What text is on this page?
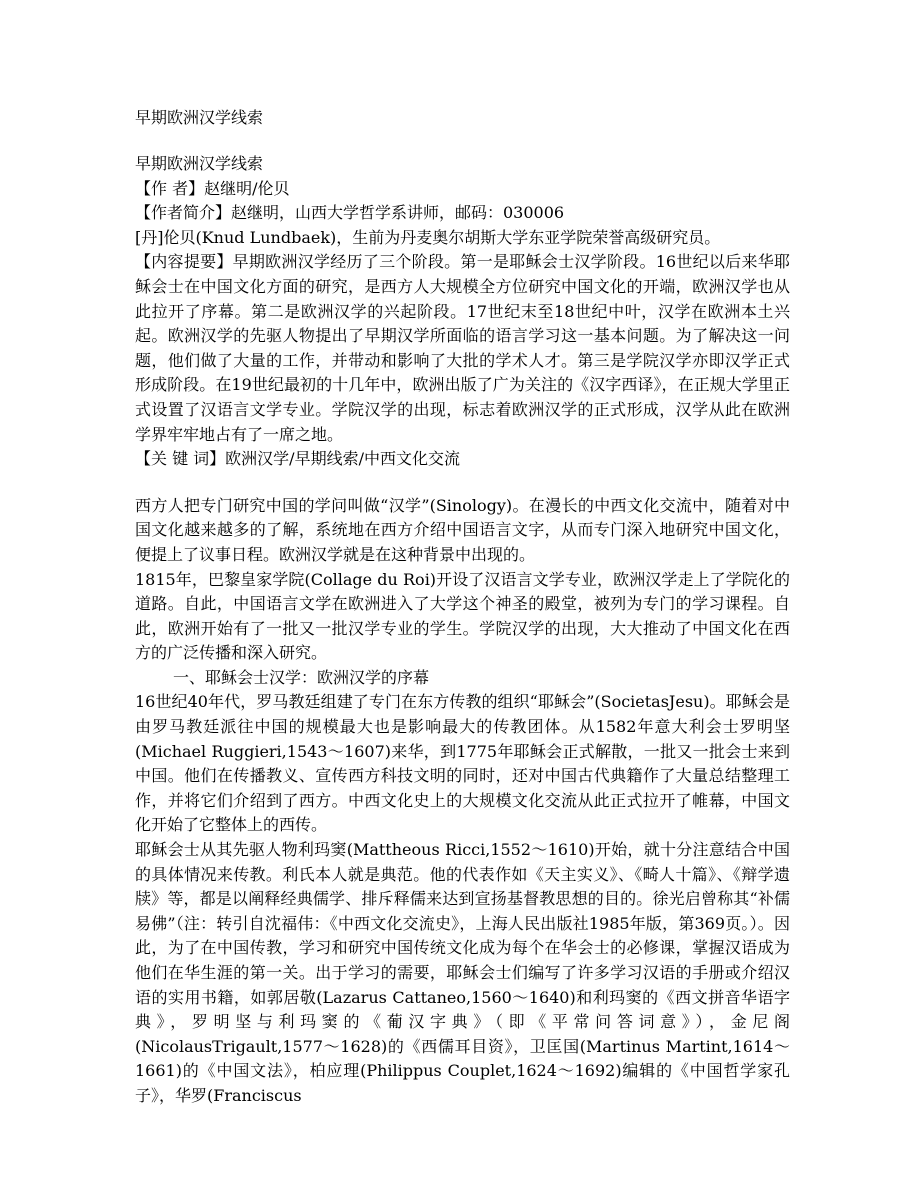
早期欧洲汉学线索
早期欧洲汉学线索
【作 者】赵继明/伦贝
【作者简介】赵继明，山西大学哲学系讲师，邮码：030006
[丹]伦贝(Knud Lundbaek)，生前为丹麦奥尔胡斯大学东亚学院荣誉高级研究员。
【内容提要】早期欧洲汉学经历了三个阶段。第一是耶稣会士汉学阶段。16世纪以后来华耶稣会士在中国文化方面的研究，是西方人大规模全方位研究中国文化的开端，欧洲汉学也从此拉开了序幕。第二是欧洲汉学的兴起阶段。17世纪末至18世纪中叶，汉学在欧洲本土兴起。欧洲汉学的先驱人物提出了早期汉学所面临的语言学习这一基本问题。为了解决这一问题，他们做了大量的工作，并带动和影响了大批的学术人才。第三是学院汉学亦即汉学正式形成阶段。在19世纪最初的十几年中，欧洲出版了广为关注的《汉字西译》，在正规大学里正式设置了汉语言文学专业。学院汉学的出现，标志着欧洲汉学的正式形成，汉学从此在欧洲学界牢牢地占有了一席之地。
【关 键 词】欧洲汉学/早期线索/中西文化交流
西方人把专门研究中国的学问叫做“汉学”(Sinology)。在漫长的中西文化交流中，随着对中国文化越来越多的了解，系统地在西方介绍中国语言文字，从而专门深入地研究中国文化，便提上了议事日程。欧洲汉学就是在这种背景中出现的。
1815年，巴黎皇家学院(Collage du Roi)开设了汉语言文学专业，欧洲汉学走上了学院化的道路。自此，中国语言文学在欧洲进入了大学这个神圣的殿堂，被列为专门的学习课程。自此，欧洲开始有了一批又一批汉学专业的学生。学院汉学的出现，大大推动了中国文化在西方的广泛传播和深入研究。
一、耶稣会士汉学：欧洲汉学的序幕
16世纪40年代，罗马教廷组建了专门在东方传教的组织“耶稣会”(SocietasJesu)。耶稣会是由罗马教廷派往中国的规模最大也是影响最大的传教团体。从1582年意大利会士罗明坚(Michael Ruggieri,1543～1607)来华，到1775年耶稣会正式解散，一批又一批会士来到中国。他们在传播教义、宣传西方科技文明的同时，还对中国古代典籍作了大量总结整理工作，并将它们介绍到了西方。中西文化史上的大规模文化交流从此正式拉开了帷幕，中国文化开始了它整体上的西传。
耶稣会士从其先驱人物利玛窦(Mattheous Ricci,1552～1610)开始，就十分注意结合中国的具体情况来传教。利氏本人就是典范。他的代表作如《天主实义》、《畸人十篇》、《辩学遗牍》等，都是以阐释经典儒学、排斥释儒来达到宣扬基督教思想的目的。徐光启曾称其“补儒易佛”（注：转引自沈福伟：《中西文化交流史》，上海人民出版社1985年版，第369页。）。因此，为了在中国传教，学习和研究中国传统文化成为每个在华会士的必修课，掌握汉语成为他们在华生涯的第一关。出于学习的需要，耶稣会士们编写了许多学习汉语的手册或介绍汉语的实用书籍，如郭居敬(Lazarus Cattaneo,1560～1640)和利玛窦的《西文拼音华语字典》，罗明坚与利玛窦的《葡汉字典》（即《平常问答词意》），金尼阁(NicolausTrigault,1577～1628)的《西儒耳目资》，卫匡国(Martinus Martint,1614～1661)的《中国文法》，柏应理(Philippus Couplet,1624～1692)编辑的《中国哲学家孔子》，华罗(Franciscus
